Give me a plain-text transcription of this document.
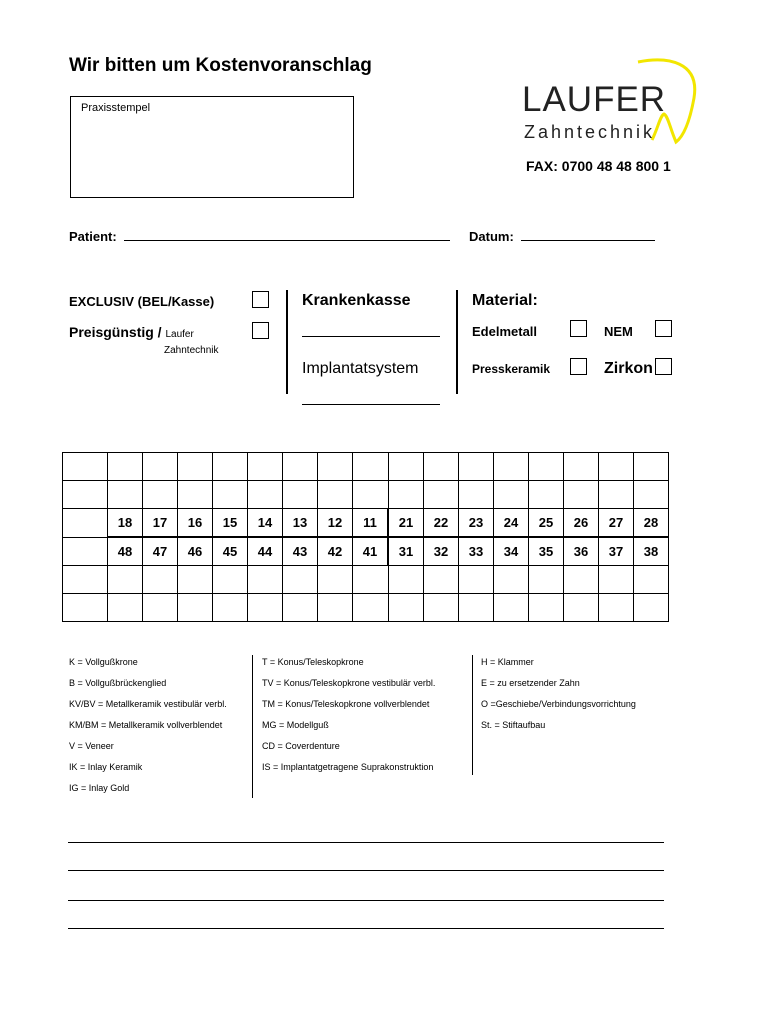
Wir bitten um Kostenvoranschlag
Praxisstempel	LAUFER
Zahntechnik
FAX: 0700 48 48 800 1
Patient:	Datum:
EXCLUSIV (BEL/Kasse)
Preisgünstig / Laufer
Zahntechnik
Krankenkasse
Implantatsystem
Material:
Edelmetall	NEM
Presskeramik	Zirkon

	18	17	16	15	14	13	12	11	21	22	23	24	25	26	27	28
	48	47	46	45	44	43	42	41	31	32	33	34	35	36	37	38

K = Vollgußkrone
B = Vollgußbrückenglied
KV/BV = Metallkeramik vestibulär verbl.
KM/BM = Metallkeramik vollverblendet
V = Veneer
IK = Inlay Keramik
IG = Inlay Gold
T = Konus/Teleskopkrone
TV = Konus/Teleskopkrone vestibulär verbl.
TM = Konus/Teleskopkrone vollverblendet
MG = Modellguß
CD = Coverdenture
IS = Implantatgetragene Suprakonstruktion
H = Klammer
E = zu ersetzender Zahn
O =Geschiebe/Verbindungsvorrichtung
St. = Stiftaufbau
